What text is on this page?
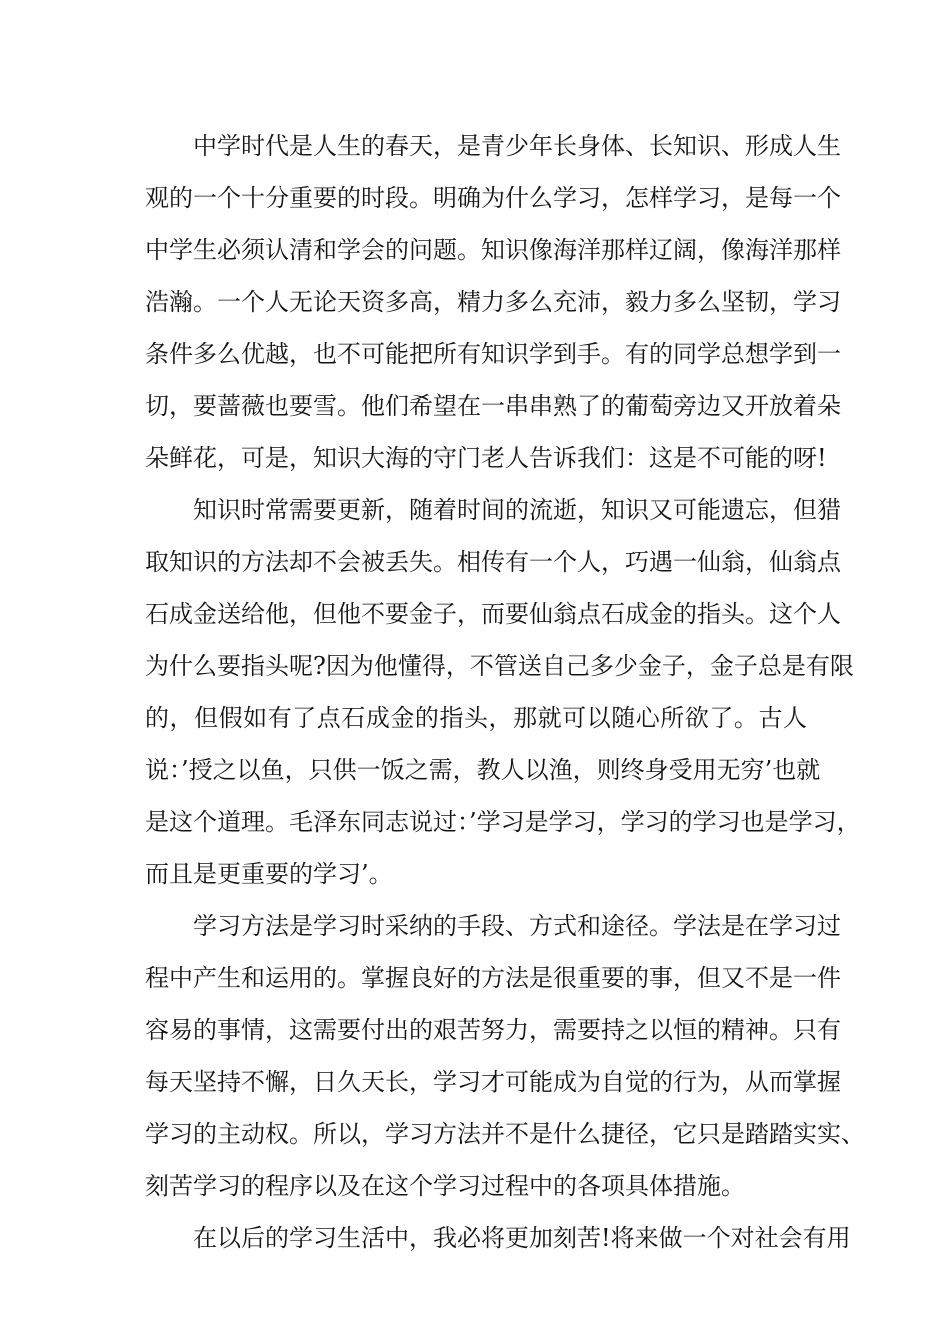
中学时代是人生的春天，是青少年长身体、长知识、形成人生
观的一个十分重要的时段。明确为什么学习，怎样学习，是每一个
中学生必须认清和学会的问题。知识像海洋那样辽阔，像海洋那样
浩瀚。一个人无论天资多高，精力多么充沛，毅力多么坚韧，学习
条件多么优越，也不可能把所有知识学到手。有的同学总想学到一
切，要蔷薇也要雪。他们希望在一串串熟了的葡萄旁边又开放着朵
朵鲜花，可是，知识大海的守门老人告诉我们：这是不可能的呀!
知识时常需要更新，随着时间的流逝，知识又可能遗忘，但猎
取知识的方法却不会被丢失。相传有一个人，巧遇一仙翁，仙翁点
石成金送给他，但他不要金子，而要仙翁点石成金的指头。这个人
为什么要指头呢?因为他懂得，不管送自己多少金子，金子总是有限
的，但假如有了点石成金的指头，那就可以随心所欲了。古人
说：’授之以鱼，只供一饭之需，教人以渔，则终身受用无穷’也就
是这个道理。毛泽东同志说过：’学习是学习，学习的学习也是学习，
而且是更重要的学习’。
学习方法是学习时采纳的手段、方式和途径。学法是在学习过
程中产生和运用的。掌握良好的方法是很重要的事，但又不是一件
容易的事情，这需要付出的艰苦努力，需要持之以恒的精神。只有
每天坚持不懈，日久天长，学习才可能成为自觉的行为，从而掌握
学习的主动权。所以，学习方法并不是什么捷径，它只是踏踏实实、
刻苦学习的程序以及在这个学习过程中的各项具体措施。
在以后的学习生活中，我必将更加刻苦!将来做一个对社会有用
